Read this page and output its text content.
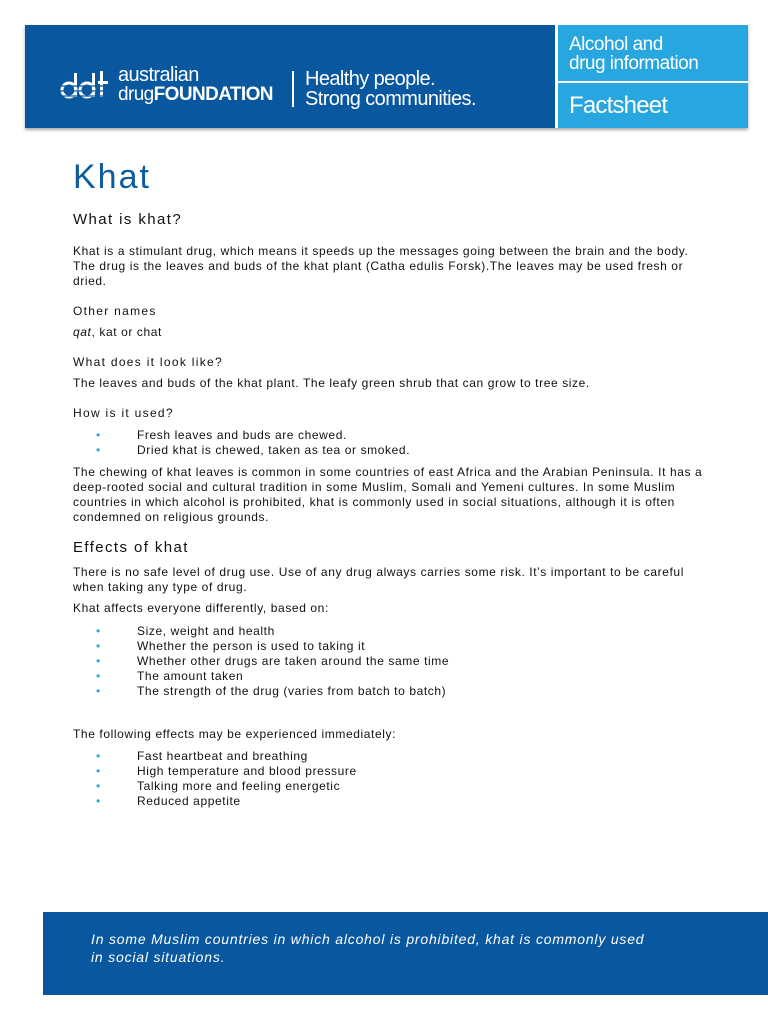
australian
drugFOUNDATION
Healthy people.
Strong communities.
Alcohol and
drug information
Factsheet
Khat
What is khat?

Khat is a stimulant drug, which means it speeds up the messages going between the brain and the body. The drug is the leaves and buds of the khat plant (Catha edulis Forsk).The leaves may be used fresh or dried.

Other names

qat, kat or chat

What does it look like?

The leaves and buds of the khat plant. The leafy green shrub that can grow to tree size.

How is it used?
• Fresh leaves and buds are chewed.
• Dried khat is chewed, taken as tea or smoked.

The chewing of khat leaves is common in some countries of east Africa and the Arabian Peninsula. It has a deep-rooted social and cultural tradition in some Muslim, Somali and Yemeni cultures. In some Muslim countries in which alcohol is prohibited, khat is commonly used in social situations, although it is often condemned on religious grounds.

Effects of khat

There is no safe level of drug use. Use of any drug always carries some risk. It’s important to be careful when taking any type of drug.

Khat affects everyone differently, based on:

• Size, weight and health
• Whether the person is used to taking it
• Whether other drugs are taken around the same time
• The amount taken
• The strength of the drug (varies from batch to batch)

The following effects may be experienced immediately:

• Fast heartbeat and breathing
• High temperature and blood pressure
• Talking more and feeling energetic
• Reduced appetite
In some Muslim countries in which alcohol is prohibited, khat is commonly used in social situations.
